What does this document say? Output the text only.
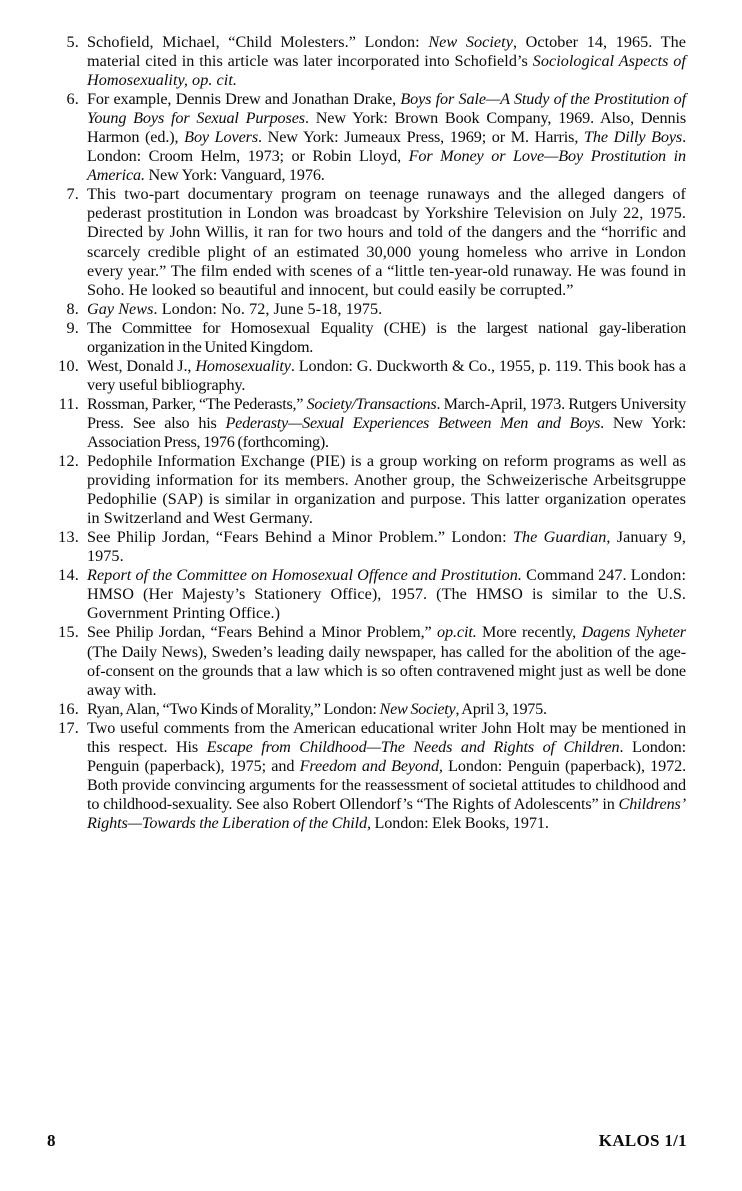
5. Schofield, Michael, “Child Molesters.” London: New Society, October 14, 1965. The material cited in this article was later incorporated into Schofield’s Sociological Aspects of Homosexuality, op. cit.
6. For example, Dennis Drew and Jonathan Drake, Boys for Sale—A Study of the Prostitution of Young Boys for Sexual Purposes. New York: Brown Book Company, 1969. Also, Dennis Harmon (ed.), Boy Lovers. New York: Jumeaux Press, 1969; or M. Harris, The Dilly Boys. London: Croom Helm, 1973; or Robin Lloyd, For Money or Love—Boy Prostitution in America. New York: Vanguard, 1976.
7. This two-part documentary program on teenage runaways and the alleged dangers of pederast prostitution in London was broadcast by Yorkshire Television on July 22, 1975. Directed by John Willis, it ran for two hours and told of the dangers and the “horrific and scarcely credible plight of an estimated 30,000 young homeless who arrive in London every year.” The film ended with scenes of a “little ten-year-old runaway. He was found in Soho. He looked so beautiful and innocent, but could easily be corrupted.”
8. Gay News. London: No. 72, June 5-18, 1975.
9. The Committee for Homosexual Equality (CHE) is the largest national gay-liberation organization in the United Kingdom.
10. West, Donald J., Homosexuality. London: G. Duckworth & Co., 1955, p. 119. This book has a very useful bibliography.
11. Rossman, Parker, “The Pederasts,” Society/Transactions. March-April, 1973. Rutgers University Press. See also his Pederasty—Sexual Experiences Between Men and Boys. New York: Association Press, 1976 (forthcoming).
12. Pedophile Information Exchange (PIE) is a group working on reform programs as well as providing information for its members. Another group, the Schweizerische Arbeitsgruppe Pedophilie (SAP) is similar in organization and purpose. This latter organization operates in Switzerland and West Germany.
13. See Philip Jordan, “Fears Behind a Minor Problem.” London: The Guardian, January 9, 1975.
14. Report of the Committee on Homosexual Offence and Prostitution. Command 247. London: HMSO (Her Majesty’s Stationery Office), 1957. (The HMSO is similar to the U.S. Government Printing Office.)
15. See Philip Jordan, “Fears Behind a Minor Problem,” op.cit. More recently, Dagens Nyheter (The Daily News), Sweden’s leading daily newspaper, has called for the abolition of the age-of-consent on the grounds that a law which is so often contravened might just as well be done away with.
16. Ryan, Alan, “Two Kinds of Morality,” London: New Society, April 3, 1975.
17. Two useful comments from the American educational writer John Holt may be mentioned in this respect. His Escape from Childhood—The Needs and Rights of Children. London: Penguin (paperback), 1975; and Freedom and Beyond, London: Penguin (paperback), 1972. Both provide convincing arguments for the reassessment of societal attitudes to childhood and to childhood-sexuality. See also Robert Ollendorf’s “The Rights of Adolescents” in Childrens’ Rights—Towards the Liberation of the Child, London: Elek Books, 1971.
8	KALOS 1/1
